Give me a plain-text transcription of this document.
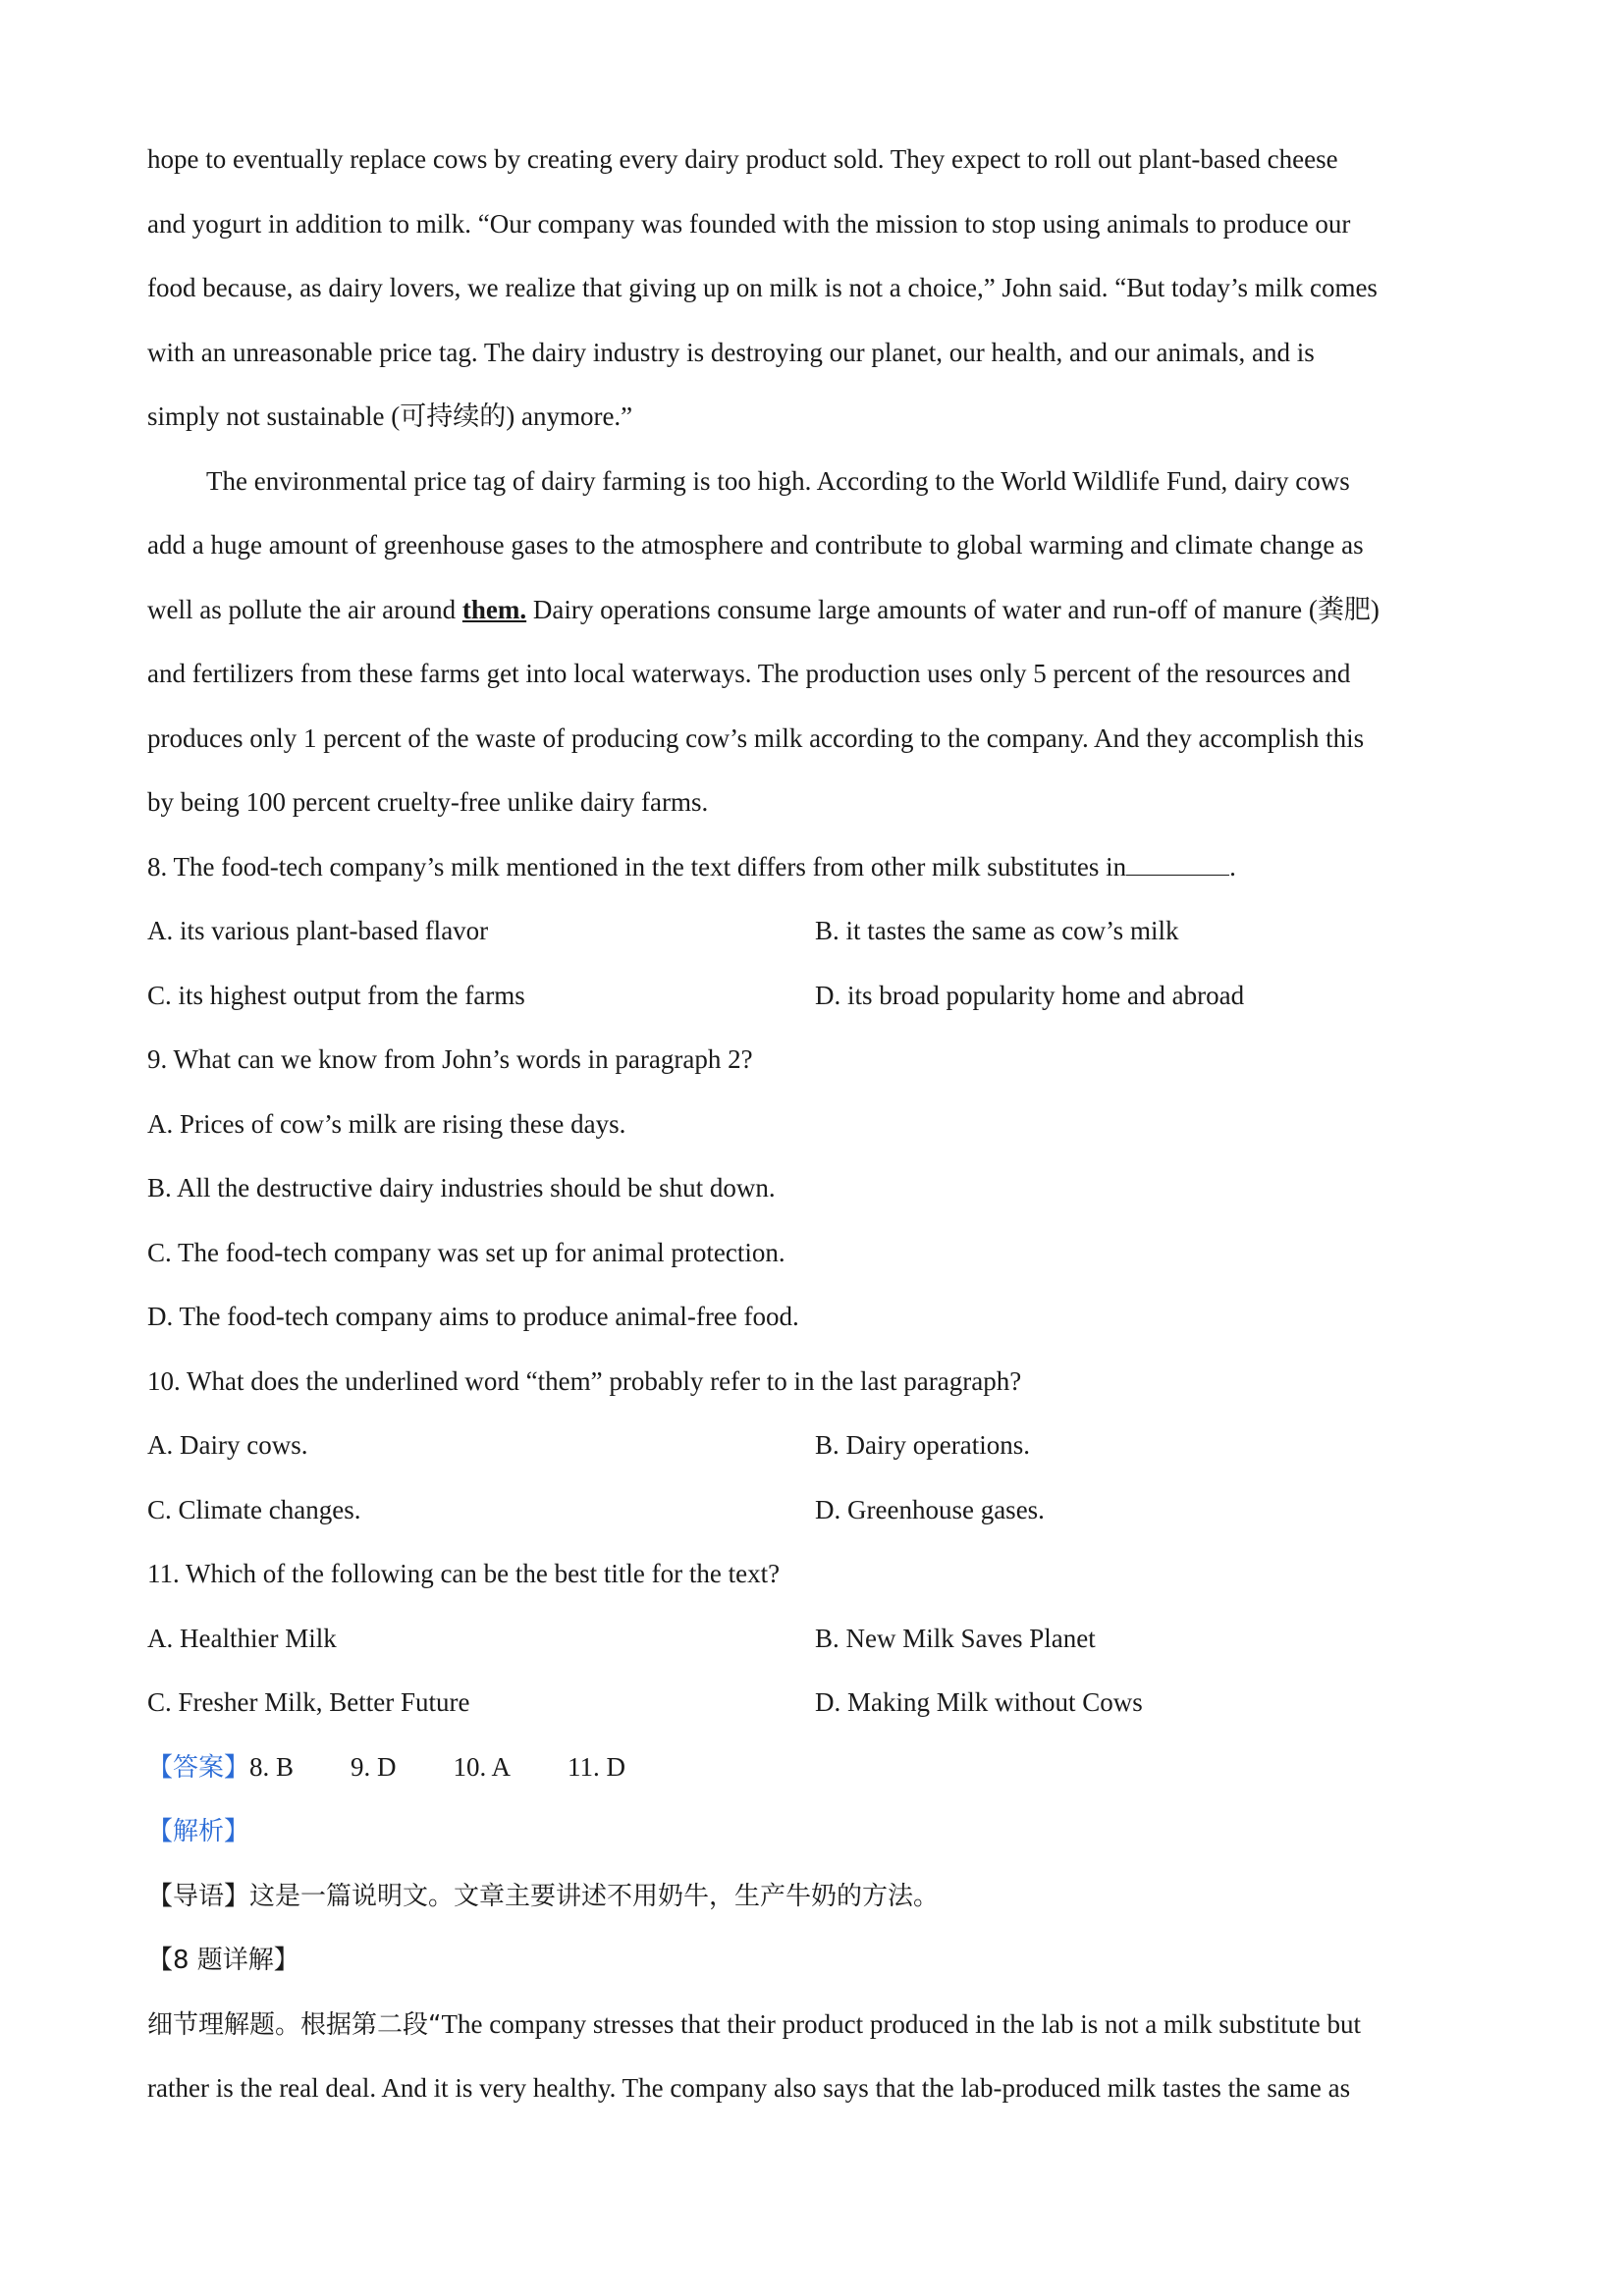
hope to eventually replace cows by creating every dairy product sold. They expect to roll out plant-based cheese
and yogurt in addition to milk. “Our company was founded with the mission to stop using animals to produce our
food because, as dairy lovers, we realize that giving up on milk is not a choice,” John said. “But today’s milk comes
with an unreasonable price tag. The dairy industry is destroying our planet, our health, and our animals, and is
simply not sustainable (可持续的) anymore.”
The environmental price tag of dairy farming is too high. According to the World Wildlife Fund, dairy cows
add a huge amount of greenhouse gases to the atmosphere and contribute to global warming and climate change as
well as pollute the air around them. Dairy operations consume large amounts of water and run-off of manure (粪肥)
and fertilizers from these farms get into local waterways. The production uses only 5 percent of the resources and
produces only 1 percent of the waste of producing cow’s milk according to the company. And they accomplish this
by being 100 percent cruelty-free unlike dairy farms.
8. The food-tech company’s milk mentioned in the text differs from other milk substitutes in	.
A. its various plant-based flavor	B. it tastes the same as cow’s milk
C. its highest output from the farms	D. its broad popularity home and abroad
9. What can we know from John’s words in paragraph 2?
A. Prices of cow’s milk are rising these days.
B. All the destructive dairy industries should be shut down.
C. The food-tech company was set up for animal protection.
D. The food-tech company aims to produce animal-free food.
10. What does the underlined word “them” probably refer to in the last paragraph?
A. Dairy cows.	B. Dairy operations.
C. Climate changes.	D. Greenhouse gases.
11. Which of the following can be the best title for the text?
A. Healthier Milk	B. New Milk Saves Planet
C. Fresher Milk, Better Future	D. Making Milk without Cows
【答案】8. B 9. D 10. A 11. D
【解析】
【导语】这是一篇说明文。文章主要讲述不用奶牛，生产牛奶的方法。
【8 题详解】
细节理解题。根据第二段“The company stresses that their product produced in the lab is not a milk substitute but
rather is the real deal. And it is very healthy. The company also says that the lab-produced milk tastes the same as
